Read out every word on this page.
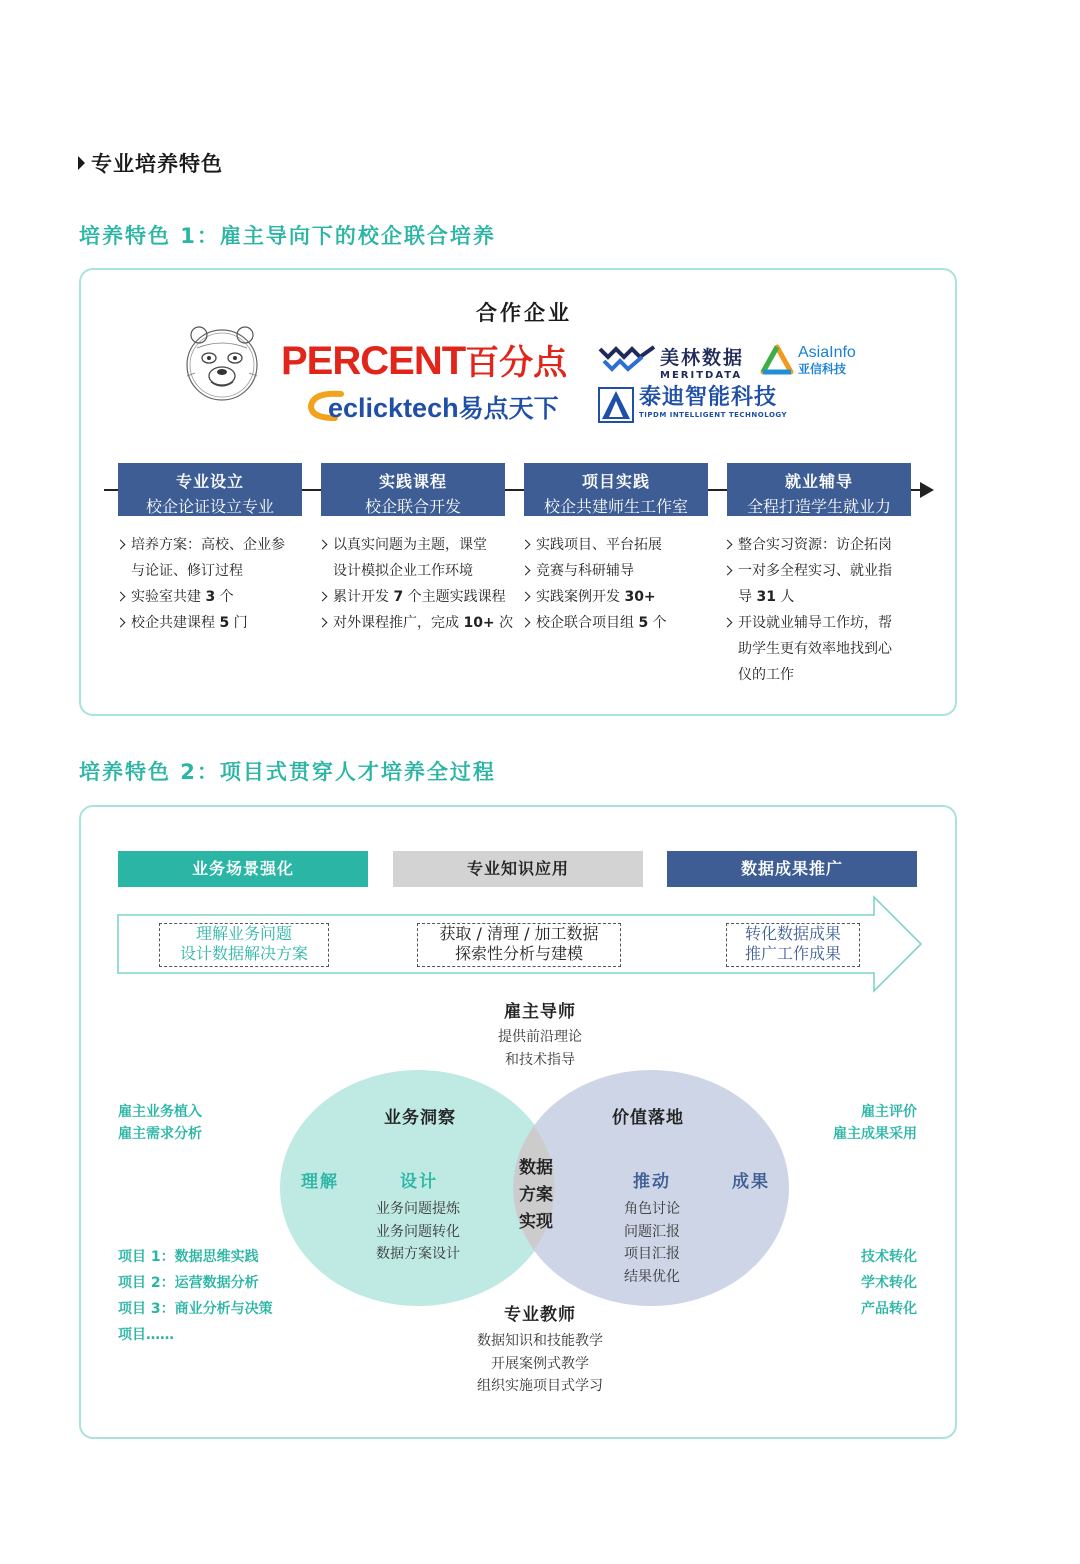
专业培养特色
培养特色 1：雇主导向下的校企联合培养
合作企业
PERCENT百分点	美林数据
MERITDATA
AsiaInfo
亚信科技
eclicktech易点天下	泰迪智能科技
TIPDM INTELLIGENT TECHNOLOGY
专业设立
校企论证设立专业
实践课程
校企联合开发
项目实践
校企共建师生工作室
就业辅导
全程打造学生就业力
培养方案：高校、企业参
与论证、修订过程
实验室共建 3 个
校企共建课程 5 门
以真实问题为主题，课堂
设计模拟企业工作环境
累计开发 7 个主题实践课程
对外课程推广，完成 10+ 次
实践项目、平台拓展
竞赛与科研辅导
实践案例开发 30+
校企联合项目组 5 个
整合实习资源：访企拓岗
一对多全程实习、就业指
导 31 人
开设就业辅导工作坊，帮
助学生更有效率地找到心
仪的工作
培养特色 2：项目式贯穿人才培养全过程
业务场景强化	专业知识应用	数据成果推广
理解业务问题
设计数据解决方案
获取 / 清理 / 加工数据
探索性分析与建模
转化数据成果
推广工作成果
雇主导师
提供前沿理论
和技术指导
业务洞察
理解	设计
业务问题提炼
业务问题转化
数据方案设计
数据
方案
实现
价值落地
推动	成果
角色讨论
问题汇报
项目汇报
结果优化
专业教师
数据知识和技能教学
开展案例式教学
组织实施项目式学习
雇主业务植入
雇主需求分析
项目 1：数据思维实践
项目 2：运营数据分析
项目 3：商业分析与决策
项目……
雇主评价
雇主成果采用
技术转化
学术转化
产品转化
